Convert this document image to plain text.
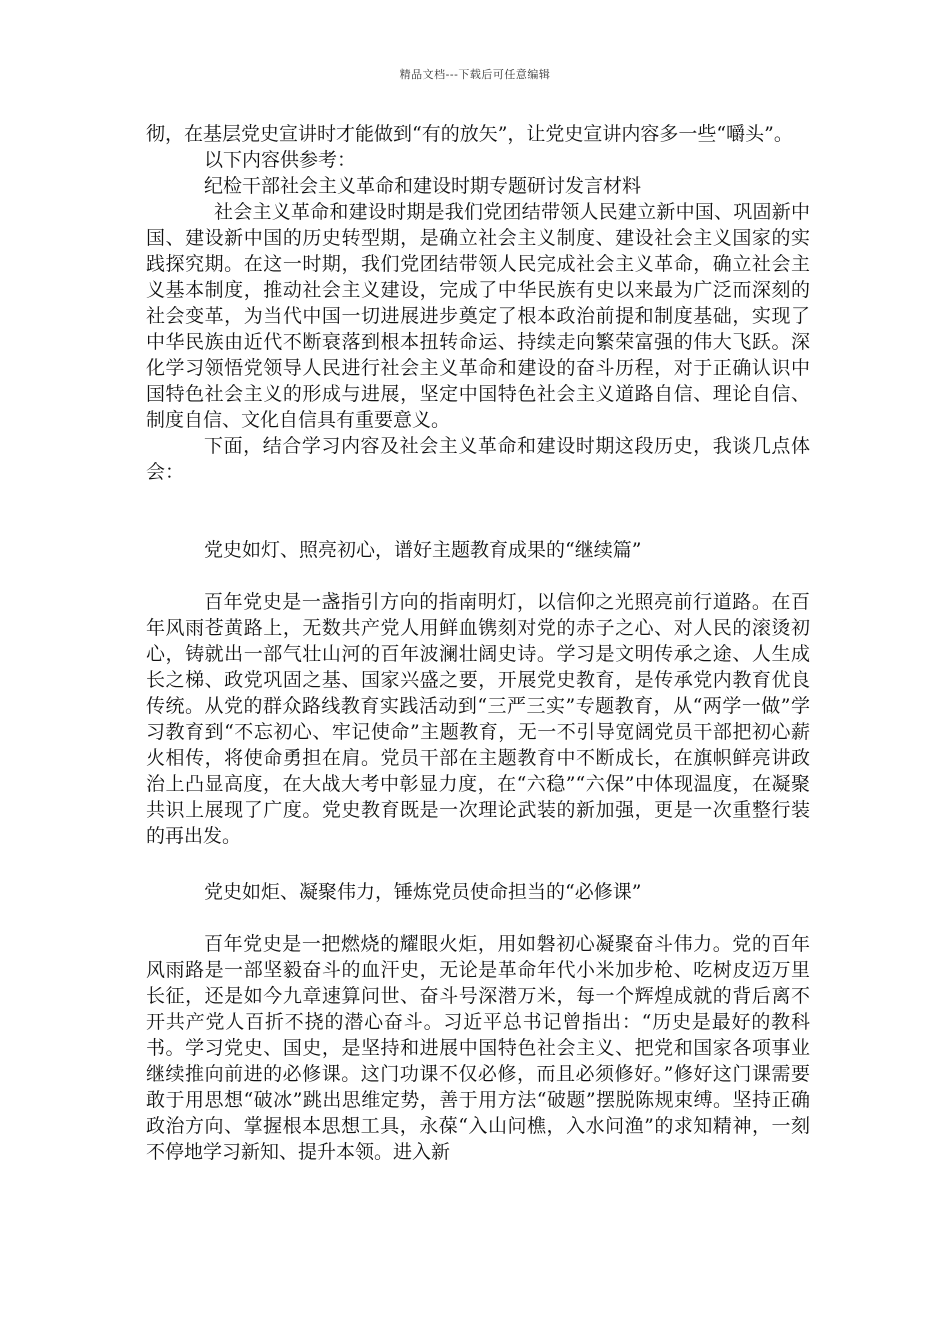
精品文档---下载后可任意编辑

彻，在基层党史宣讲时才能做到“有的放矢”，让党史宣讲内容多一些“嚼头”。

以下内容供参考：

纪检干部社会主义革命和建设时期专题研讨发言材料

社会主义革命和建设时期是我们党团结带领人民建立新中国、巩固新中国、建设新中国的历史转型期，是确立社会主义制度、建设社会主义国家的实践探究期。在这一时期，我们党团结带领人民完成社会主义革命，确立社会主义基本制度，推动社会主义建设，完成了中华民族有史以来最为广泛而深刻的社会变革，为当代中国一切进展进步奠定了根本政治前提和制度基础，实现了中华民族由近代不断衰落到根本扭转命运、持续走向繁荣富强的伟大飞跃。深化学习领悟党领导人民进行社会主义革命和建设的奋斗历程，对于正确认识中国特色社会主义的形成与进展，坚定中国特色社会主义道路自信、理论自信、制度自信、文化自信具有重要意义。

下面，结合学习内容及社会主义革命和建设时期这段历史，我谈几点体会：

党史如灯、照亮初心，谱好主题教育成果的“继续篇”

百年党史是一盏指引方向的指南明灯，以信仰之光照亮前行道路。在百年风雨苍黄路上，无数共产党人用鲜血镌刻对党的赤子之心、对人民的滚烫初心，铸就出一部气壮山河的百年波澜壮阔史诗。学习是文明传承之途、人生成长之梯、政党巩固之基、国家兴盛之要，开展党史教育，是传承党内教育优良传统。从党的群众路线教育实践活动到“三严三实”专题教育，从“两学一做”学习教育到“不忘初心、牢记使命”主题教育，无一不引导宽阔党员干部把初心薪火相传，将使命勇担在肩。党员干部在主题教育中不断成长，在旗帜鲜亮讲政治上凸显高度，在大战大考中彰显力度，在“六稳”“六保”中体现温度，在凝聚共识上展现了广度。党史教育既是一次理论武装的新加强，更是一次重整行装的再出发。

党史如炬、凝聚伟力，锤炼党员使命担当的“必修课”

百年党史是一把燃烧的耀眼火炬，用如磐初心凝聚奋斗伟力。党的百年风雨路是一部坚毅奋斗的血汗史，无论是革命年代小米加步枪、吃树皮迈万里长征，还是如今九章速算问世、奋斗号深潜万米，每一个辉煌成就的背后离不开共产党人百折不挠的潜心奋斗。习近平总书记曾指出：“历史是最好的教科书。学习党史、国史，是坚持和进展中国特色社会主义、把党和国家各项事业继续推向前进的必修课。这门功课不仅必修，而且必须修好。”修好这门课需要敢于用思想“破冰”跳出思维定势，善于用方法“破题”摆脱陈规束缚。坚持正确政治方向、掌握根本思想工具，永葆“入山问樵，入水问渔”的求知精神，一刻不停地学习新知、提升本领。进入新
